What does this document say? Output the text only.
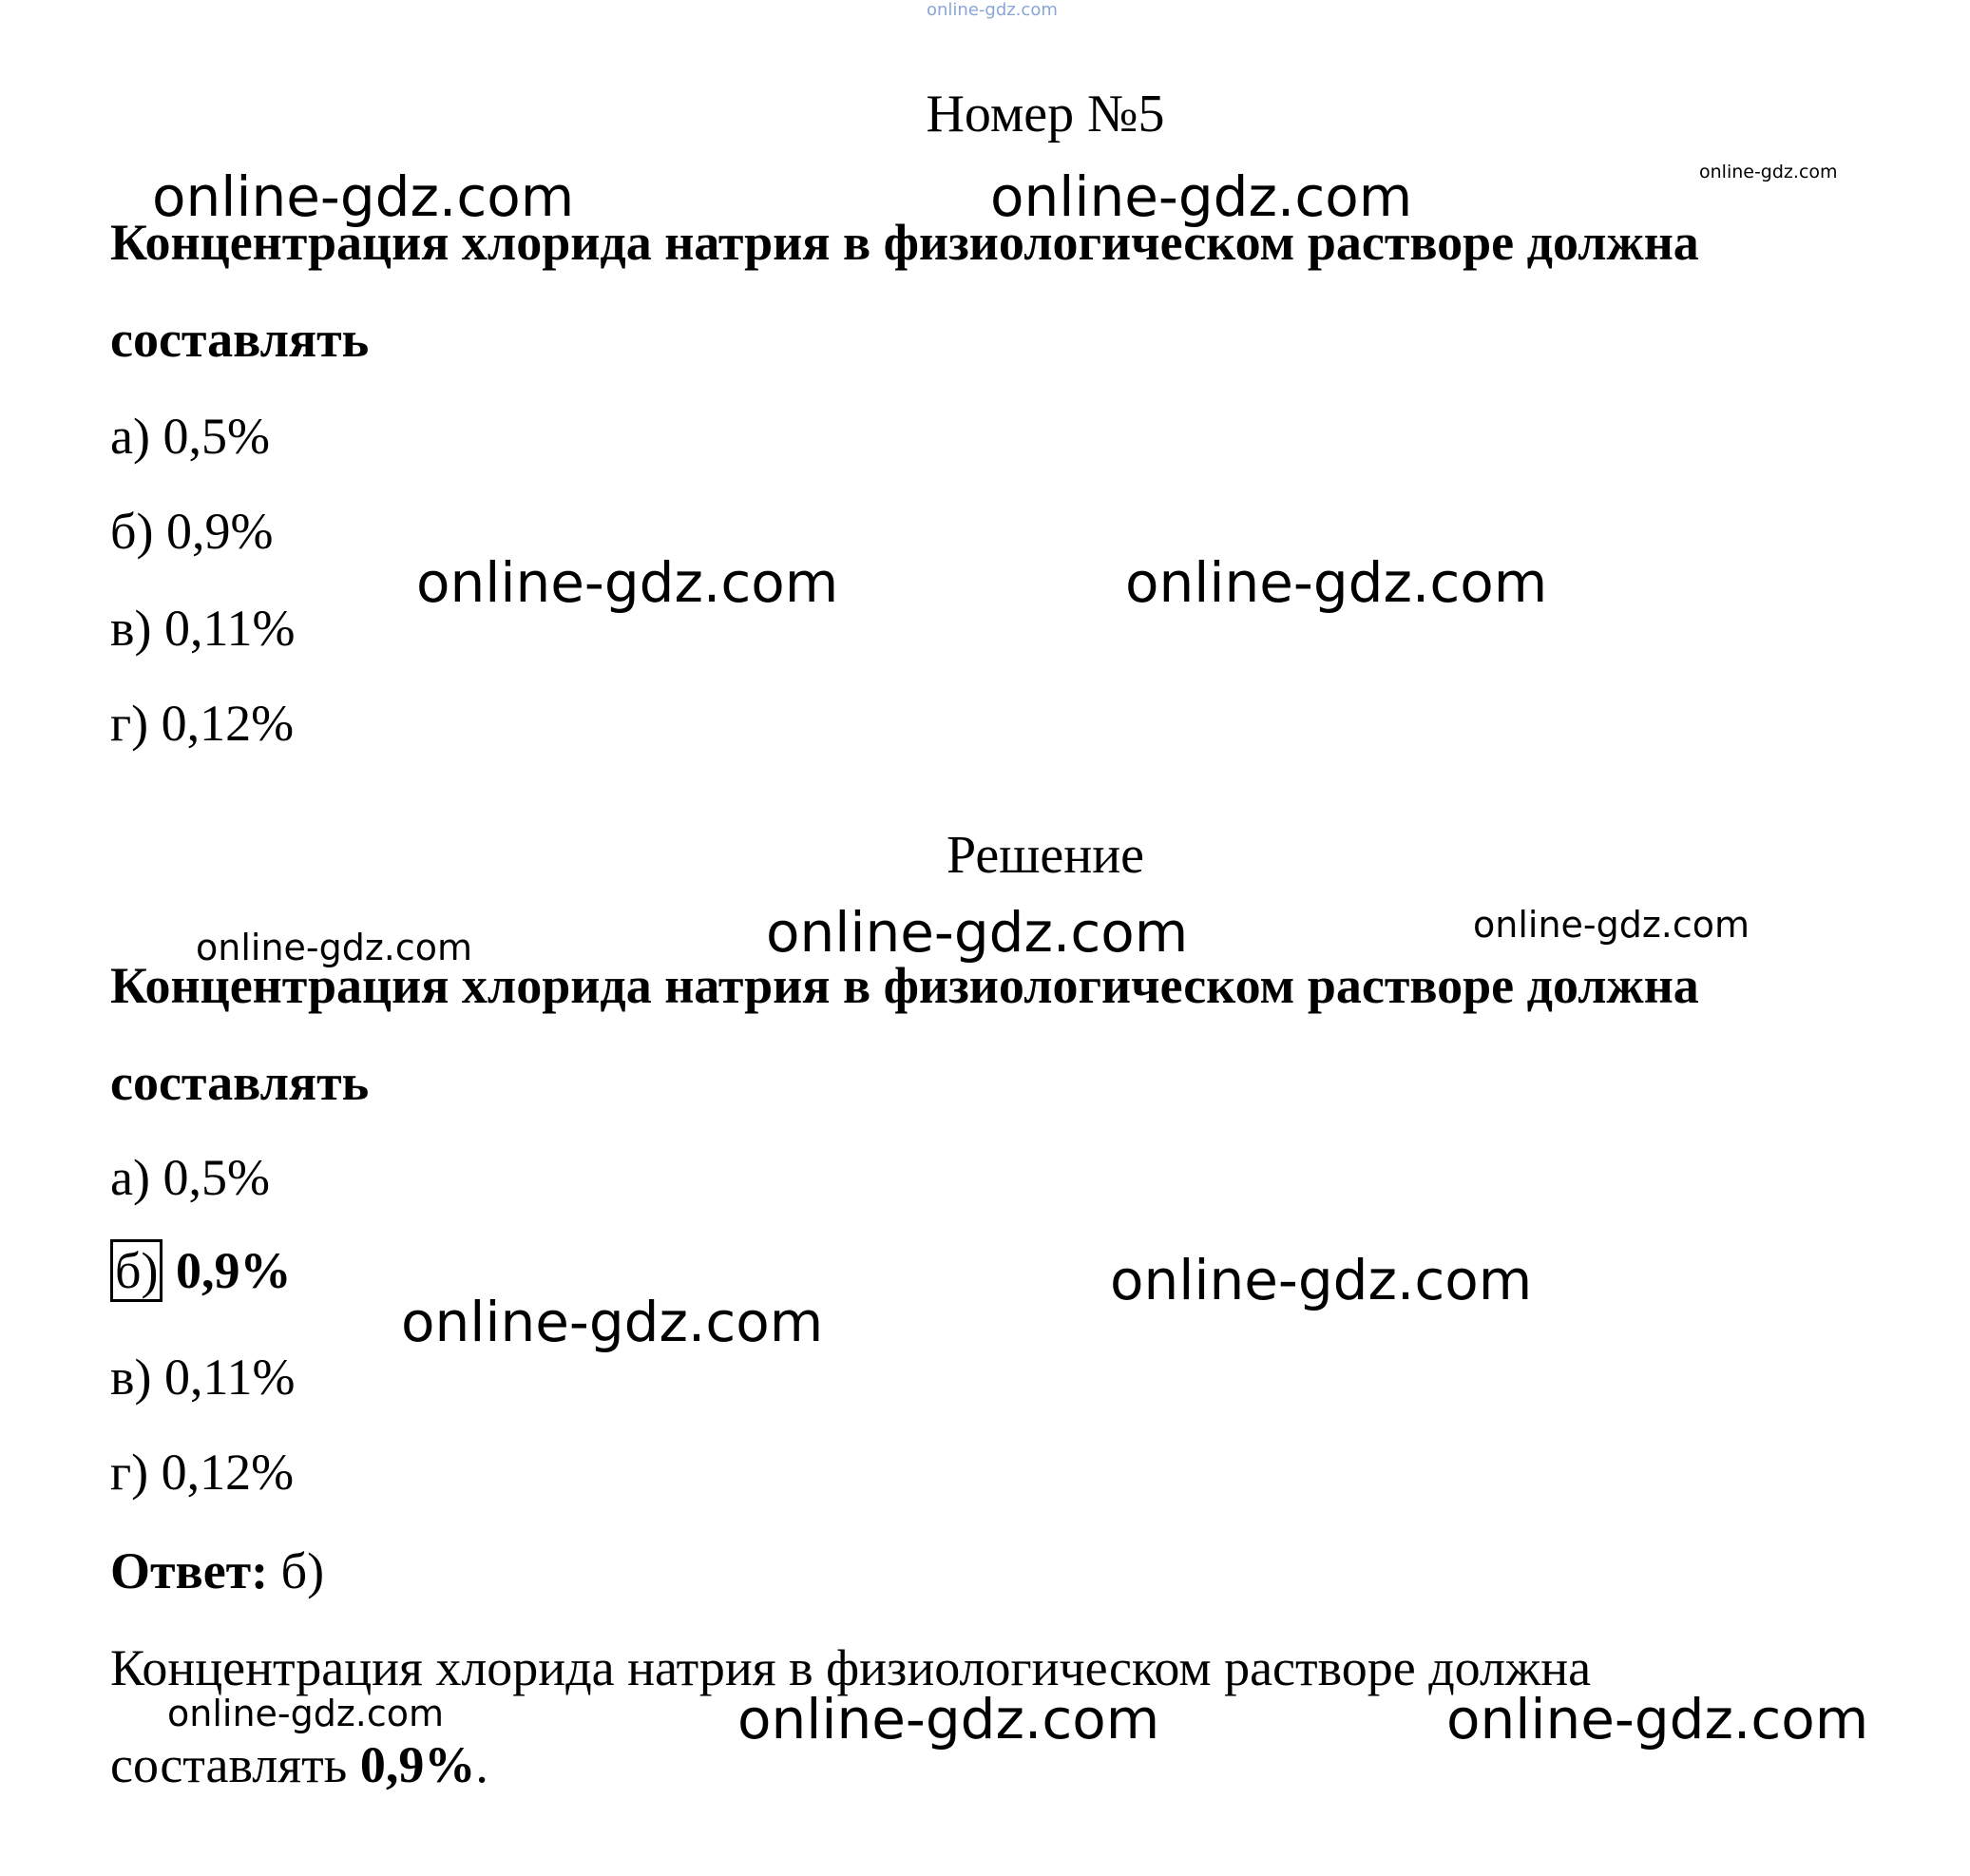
online-gdz.com
Номер №5
Концентрация хлорида натрия в физиологическом растворе должна
составлять
а) 0,5%
б) 0,9%
в) 0,11%
г) 0,12%
Решение
Концентрация хлорида натрия в физиологическом растворе должна
составлять
а) 0,5%
б) 0,9%
в) 0,11%
г) 0,12%
Ответ: б)
Концентрация хлорида натрия в физиологическом растворе должна
составлять 0,9%.
online-gdz.com	online-gdz.com	online-gdz.com
online-gdz.com	online-gdz.com
online-gdz.com	online-gdz.com	online-gdz.com
online-gdz.com
online-gdz.com
online-gdz.com	online-gdz.com	online-gdz.com
